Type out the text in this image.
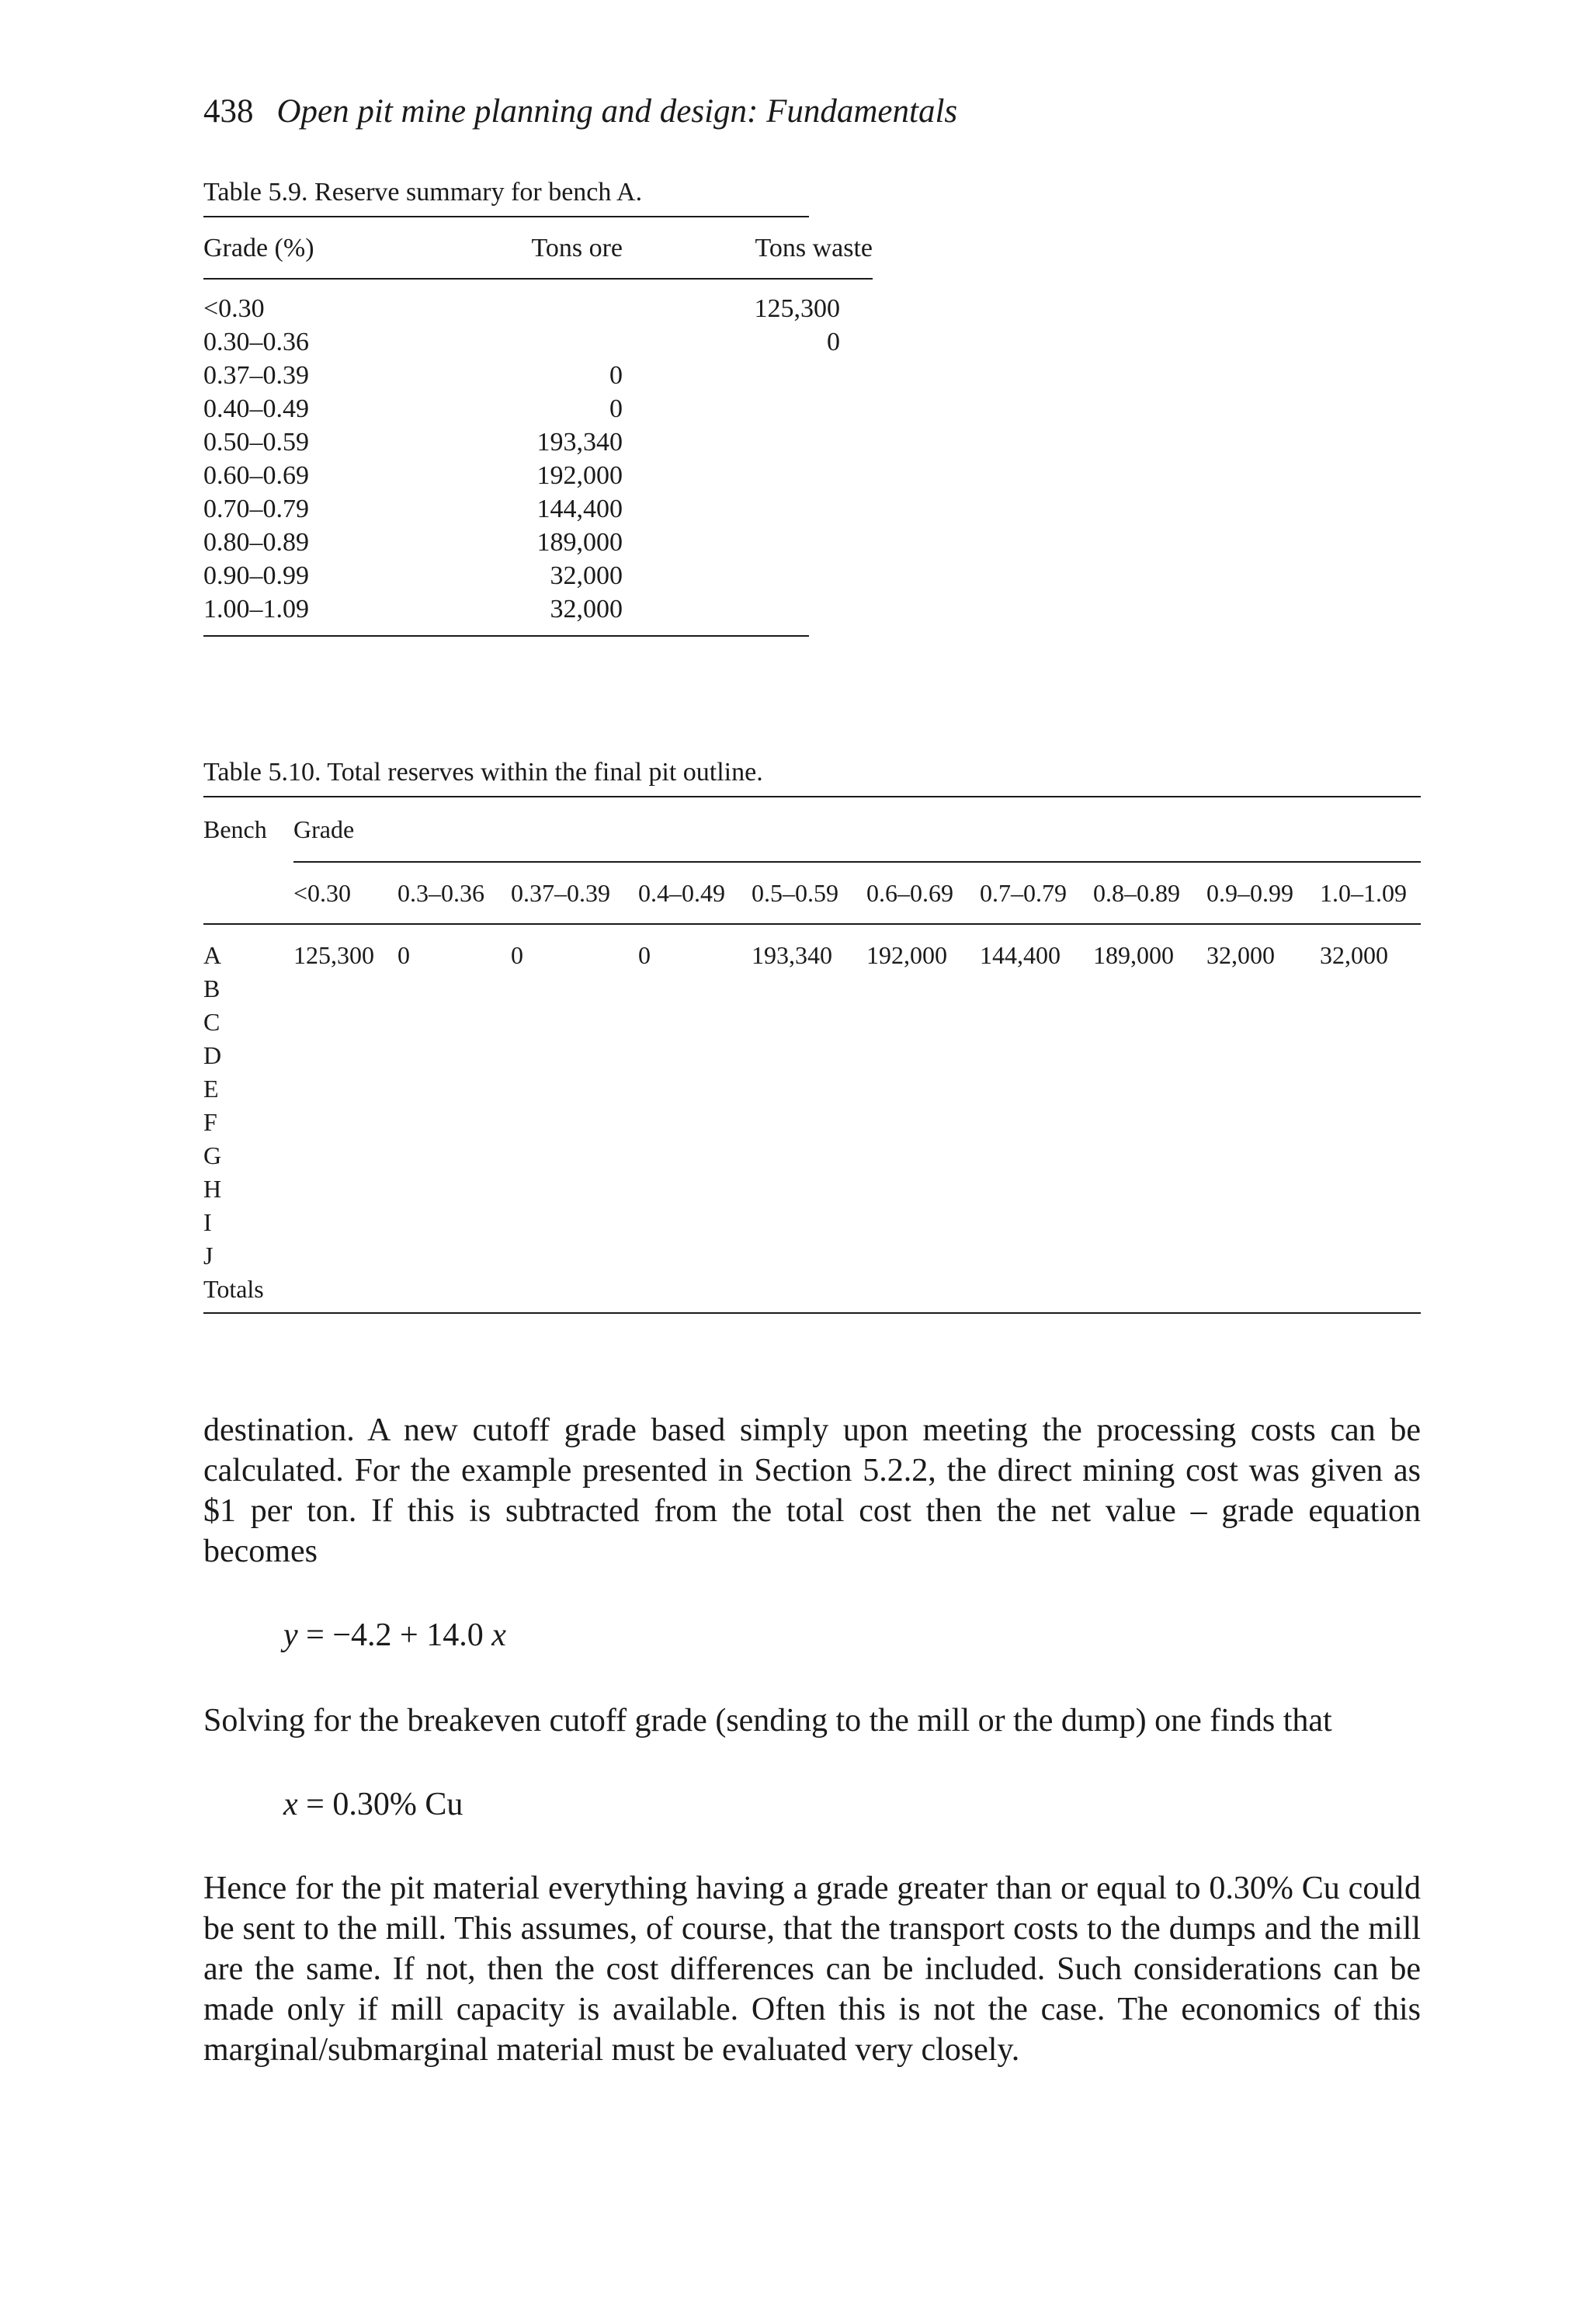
438 Open pit mine planning and design: Fundamentals
Table 5.9. Reserve summary for bench A.
Grade (%)	Tons ore	Tons waste
<0.30		125,300
0.30–0.36		0
0.37–0.39	0	
0.40–0.49	0	
0.50–0.59	193,340	
0.60–0.69	192,000	
0.70–0.79	144,400	
0.80–0.89	189,000	
0.90–0.99	32,000	
1.00–1.09	32,000	
Table 5.10. Total reserves within the final pit outline.
Bench	Grade									
	<0.30	0.3–0.36	0.37–0.39	0.4–0.49	0.5–0.59	0.6–0.69	0.7–0.79	0.8–0.89	0.9–0.99	1.0–1.09
A	125,300	0	0	0	193,340	192,000	144,400	189,000	32,000	32,000
B										
C										
D										
E										
F										
G										
H										
I										
J										
Totals										

destination. A new cutoff grade based simply upon meeting the processing costs can be calculated. For the example presented in Section 5.2.2, the direct mining cost was given as $1 per ton. If this is subtracted from the total cost then the net value – grade equation becomes

y = −4.2 + 14.0 x

Solving for the breakeven cutoff grade (sending to the mill or the dump) one finds that

x = 0.30% Cu

Hence for the pit material everything having a grade greater than or equal to 0.30% Cu could be sent to the mill. This assumes, of course, that the transport costs to the dumps and the mill are the same. If not, then the cost differences can be included. Such considerations can be made only if mill capacity is available. Often this is not the case. The economics of this marginal/submarginal material must be evaluated very closely.
